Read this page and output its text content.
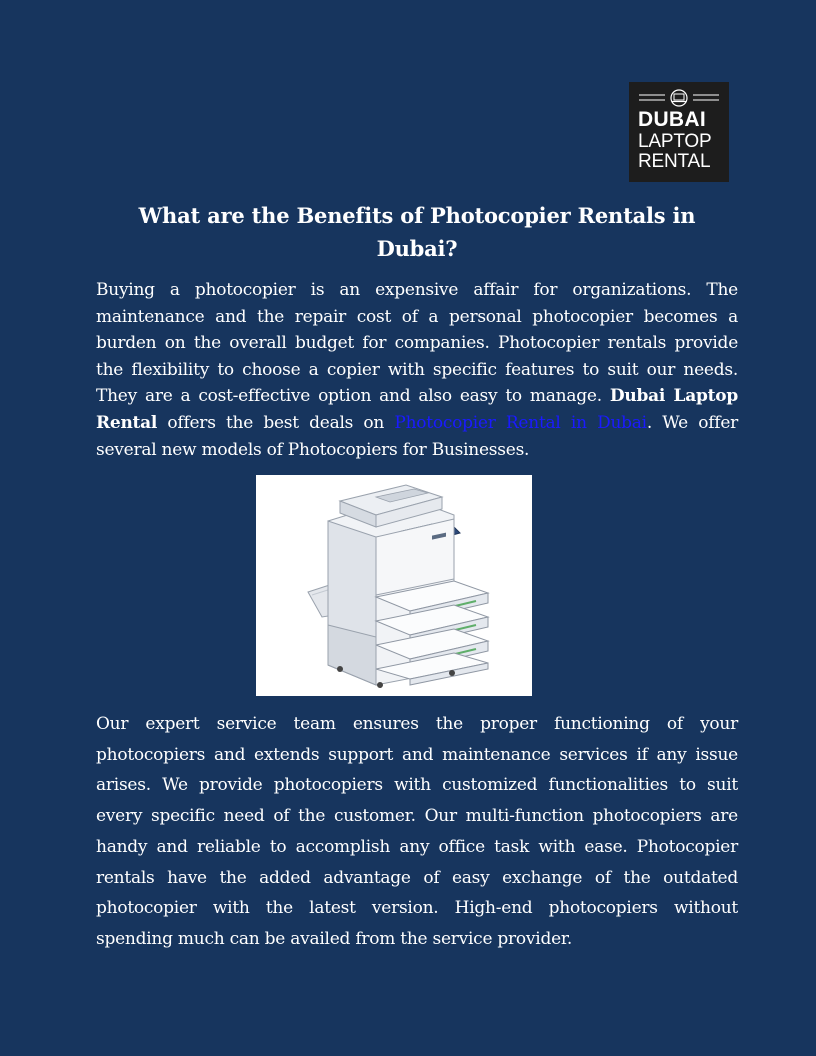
DUBAI
LAPTOP
RENTAL
What are the Benefits of Photocopier Rentals in Dubai?

Buying a photocopier is an expensive affair for organizations. The maintenance and the repair cost of a personal photocopier becomes a burden on the overall budget for companies. Photocopier rentals provide the flexibility to choose a copier with specific features to suit our needs. They are a cost-effective option and also easy to manage. Dubai Laptop Rental offers the best deals on Photocopier Rental in Dubai. We offer several new models of Photocopiers for Businesses.

Our expert service team ensures the proper functioning of your photocopiers and extends support and maintenance services if any issue arises. We provide photocopiers with customized functionalities to suit every specific need of the customer. Our multi-function photocopiers are handy and reliable to accomplish any office task with ease. Photocopier rentals have the added advantage of easy exchange of the outdated photocopier with the latest version. High-end photocopiers without spending much can be availed from the service provider.
